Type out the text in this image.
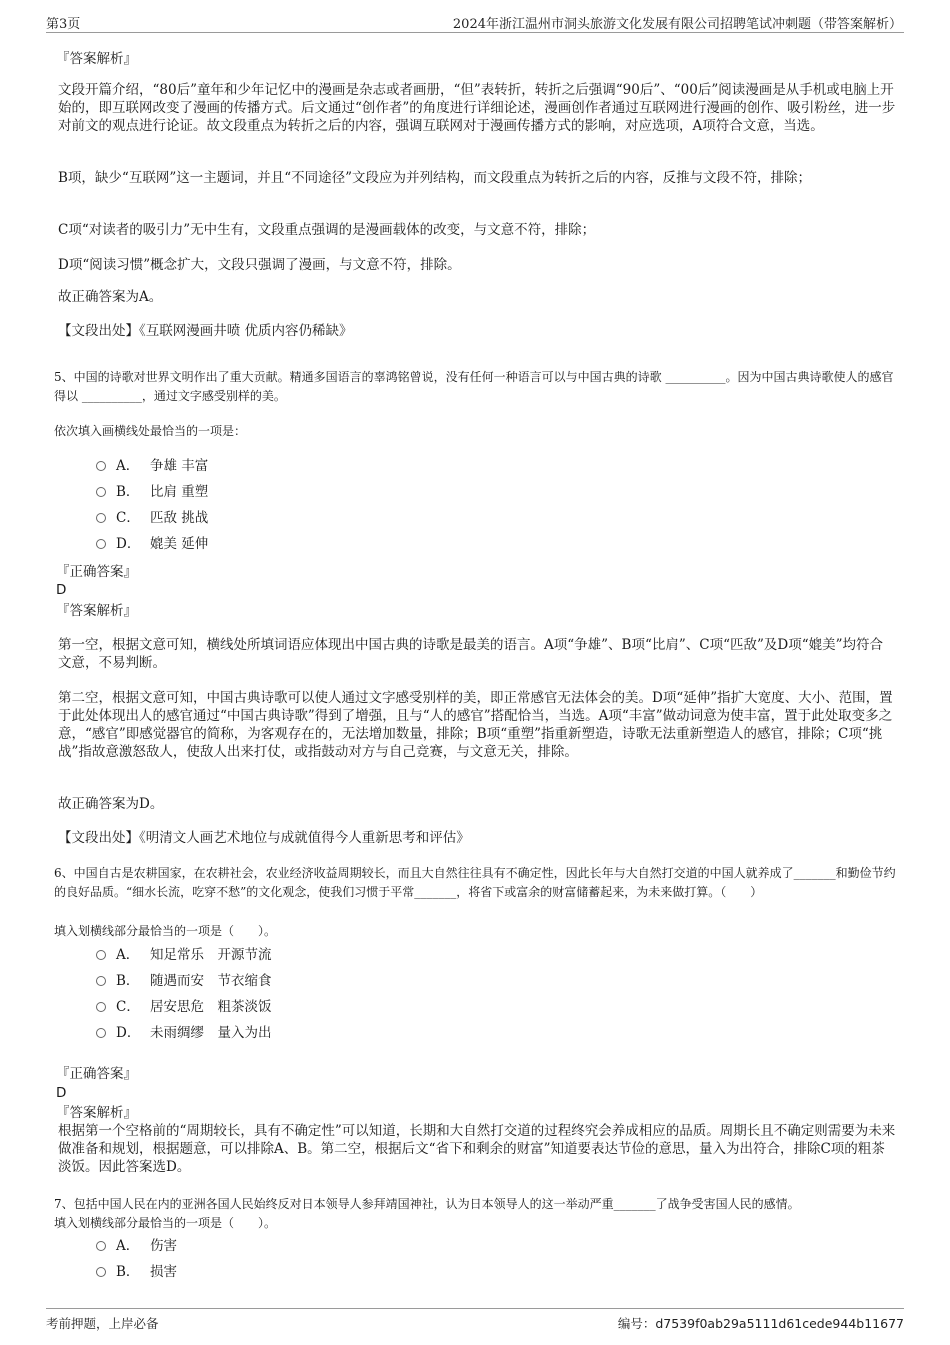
第3页	2024年浙江温州市洞头旅游文化发展有限公司招聘笔试冲刺题（带答案解析）
『答案解析』

文段开篇介绍，“80后”童年和少年记忆中的漫画是杂志或者画册，“但”表转折，转折之后强调“90后”、“00后”阅读漫画是从手机或电脑上开始的，即互联网改变了漫画的传播方式。后文通过“创作者”的角度进行详细论述，漫画创作者通过互联网进行漫画的创作、吸引粉丝，进一步对前文的观点进行论证。故文段重点为转折之后的内容，强调互联网对于漫画传播方式的影响，对应选项，A项符合文意，当选。

B项，缺少“互联网”这一主题词，并且“不同途径”文段应为并列结构，而文段重点为转折之后的内容，反推与文段不符，排除；

C项“对读者的吸引力”无中生有，文段重点强调的是漫画载体的改变，与文意不符，排除；

D项“阅读习惯”概念扩大，文段只强调了漫画，与文意不符，排除。

故正确答案为A。

【文段出处】《互联网漫画井喷 优质内容仍稀缺》

5、中国的诗歌对世界文明作出了重大贡献。精通多国语言的辜鸿铭曾说，没有任何一种语言可以与中国古典的诗歌 __________。因为中国古典诗歌使人的感官得以 __________，通过文字感受别样的美。

依次填入画横线处最恰当的一项是：

A． 争雄 丰富
B． 比肩 重塑
C． 匹敌 挑战
D． 媲美 延伸
『正确答案』
D
『答案解析』

第一空，根据文意可知，横线处所填词语应体现出中国古典的诗歌是最美的语言。A项“争雄”、B项“比肩”、C项“匹敌”及D项“媲美”均符合文意，不易判断。

第二空，根据文意可知，中国古典诗歌可以使人通过文字感受别样的美，即正常感官无法体会的美。D项“延伸”指扩大宽度、大小、范围，置于此处体现出人的感官通过“中国古典诗歌”得到了增强，且与“人的感官”搭配恰当，当选。A项“丰富”做动词意为使丰富，置于此处取变多之意，“感官”即感觉器官的简称，为客观存在的，无法增加数量，排除；B项“重塑”指重新塑造，诗歌无法重新塑造人的感官，排除；C项“挑战”指故意激怒敌人，使敌人出来打仗，或指鼓动对方与自己竞赛，与文意无关，排除。

故正确答案为D。

【文段出处】《明清文人画艺术地位与成就值得今人重新思考和评估》

6、中国自古是农耕国家，在农耕社会，农业经济收益周期较长，而且大自然往往具有不确定性，因此长年与大自然打交道的中国人就养成了_______和勤俭节约的良好品质。“细水长流，吃穿不愁”的文化观念，使我们习惯于平常_______，将省下或富余的财富储蓄起来，为未来做打算。（　　）

填入划横线部分最恰当的一项是（　　）。

A． 知足常乐　开源节流
B． 随遇而安　节衣缩食
C． 居安思危　粗茶淡饭
D． 未雨绸缪　量入为出
『正确答案』
D
『答案解析』

根据第一个空格前的“周期较长，具有不确定性”可以知道，长期和大自然打交道的过程终究会养成相应的品质。周期长且不确定则需要为未来做准备和规划，根据题意，可以排除A、B。第二空，根据后文“省下和剩余的财富”知道要表达节俭的意思，量入为出符合，排除C项的粗茶淡饭。因此答案选D。

7、包括中国人民在内的亚洲各国人民始终反对日本领导人参拜靖国神社，认为日本领导人的这一举动严重_______了战争受害国人民的感情。

填入划横线部分最恰当的一项是（　　）。

A． 伤害
B． 损害
考前押题，上岸必备	编号：d7539f0ab29a5111d61cede944b11677
